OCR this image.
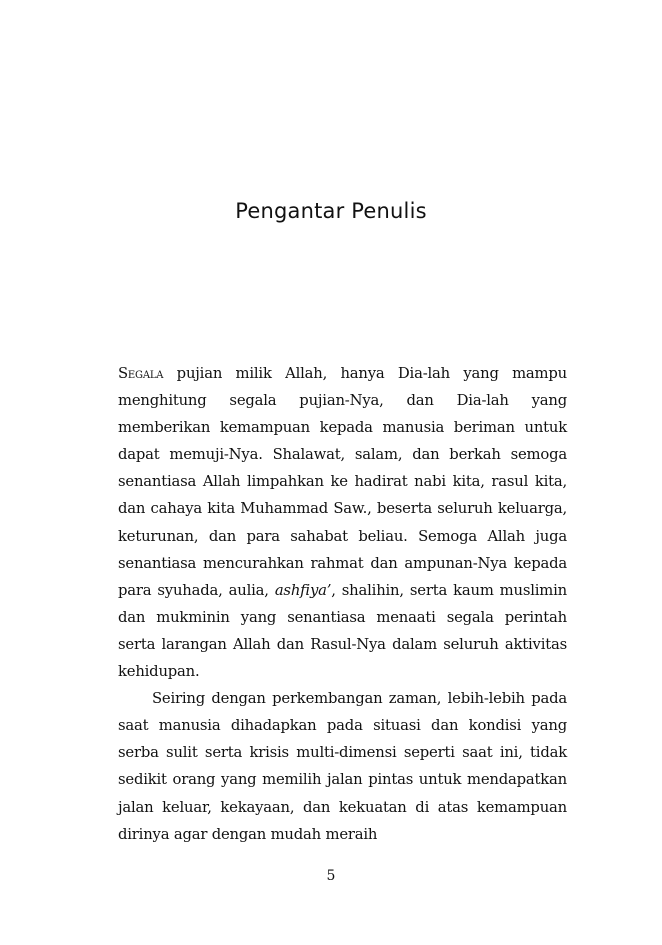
Pengantar Penulis

Segala pujian milik Allah, hanya Dia-lah yang mampu menghitung segala pujian-Nya, dan Dia-lah yang memberikan kemampuan kepada manusia beriman untuk dapat memuji-Nya. Shalawat, salam, dan berkah semoga senantiasa Allah limpahkan ke hadirat nabi kita, rasul kita, dan cahaya kita Muhammad Saw., beserta seluruh keluarga, keturunan, dan para sahabat beliau. Semoga Allah juga senantiasa mencurahkan rahmat dan ampunan-Nya kepada para syuhada, aulia, ashfiya’, shalihin, serta kaum muslimin dan mukminin yang senantiasa menaati segala perintah serta larangan Allah dan Rasul-Nya dalam seluruh aktivitas kehidupan.

Seiring dengan perkembangan zaman, lebih-lebih pada saat manusia dihadapkan pada situasi dan kondisi yang serba sulit serta krisis multi-dimensi seperti saat ini, tidak sedikit orang yang memilih jalan pintas untuk mendapatkan jalan keluar, kekayaan, dan kekuatan di atas kemampuan dirinya agar dengan mudah meraih

5
